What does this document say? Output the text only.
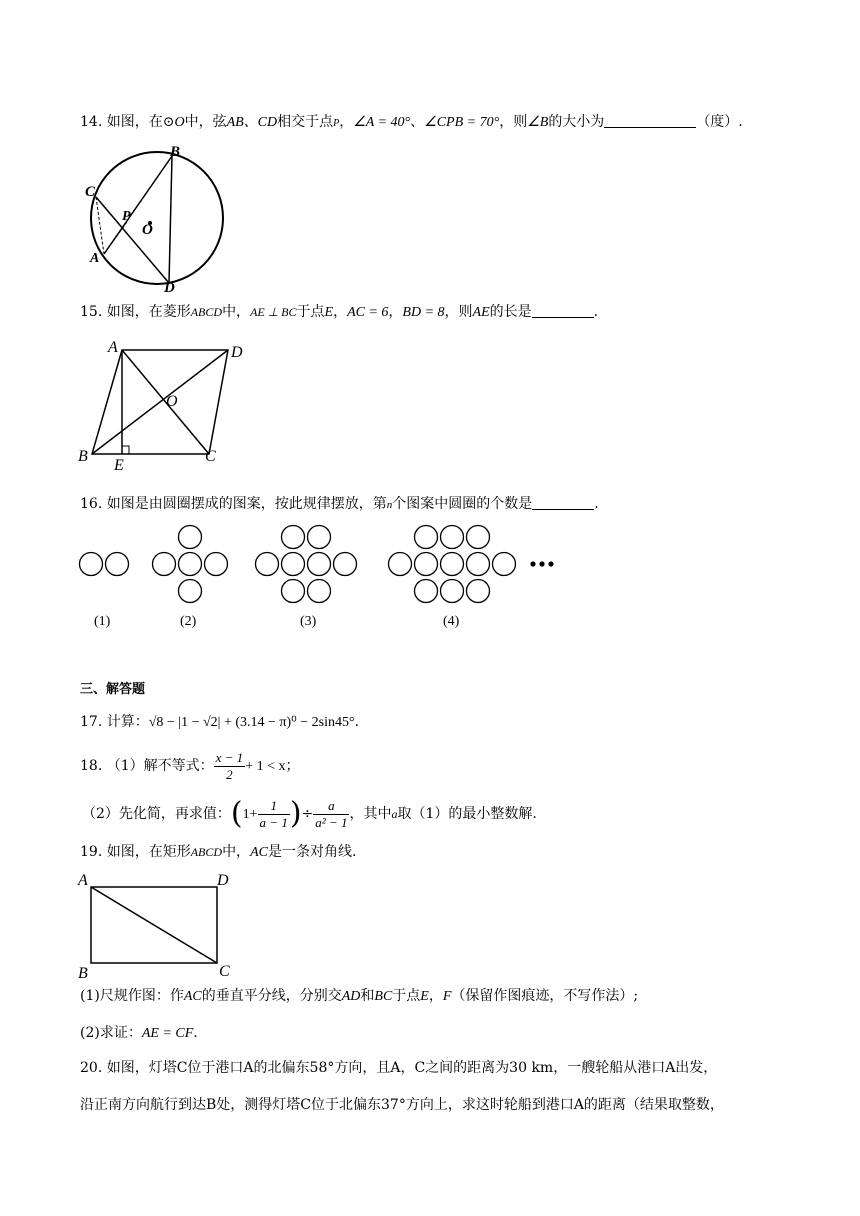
14. 如图，在⊙O中，弦AB、CD相交于点P，∠A = 40°、∠CPB = 70°，则∠B的大小为	（度）.
B
C
P
O
A
D
15. 如图，在菱形ABCD中，AE ⊥ BC于点E，AC = 6，BD = 8，则AE的长是	.
A	D
O
B
E
C
16. 如图是由圆圈摆成的图案，按此规律摆放，第n个图案中圆圈的个数是	.
(1)	(2)	(3)	(4)
三、解答题
17. 计算：√8 − |1 − √2| + (3.14 − π)⁰ − 2sin45°.
18. （1）解不等式： $\frac{x - 1}{2} + 1 < x$；
（2）先化简，再求值：($1+ \frac{1}{a - 1}$ )÷ $\frac{a}{\text{a² − 1}}$ ，其中a取（1）的最小整数解.
19. 如图，在矩形ABCD中，AC是一条对角线.
A	D
B	C
(1)尺规作图：作AC的垂直平分线，分别交AD和BC于点E，F（保留作图痕迹，不写作法）;
(2)求证：AE = CF.
20. 如图，灯塔C位于港口A的北偏东58°方向，且A，C之间的距离为30 km，一艘轮船从港口A出发，
沿正南方向航行到达B处，测得灯塔C位于北偏东37°方向上，求这时轮船到港口A的距离（结果取整数，
